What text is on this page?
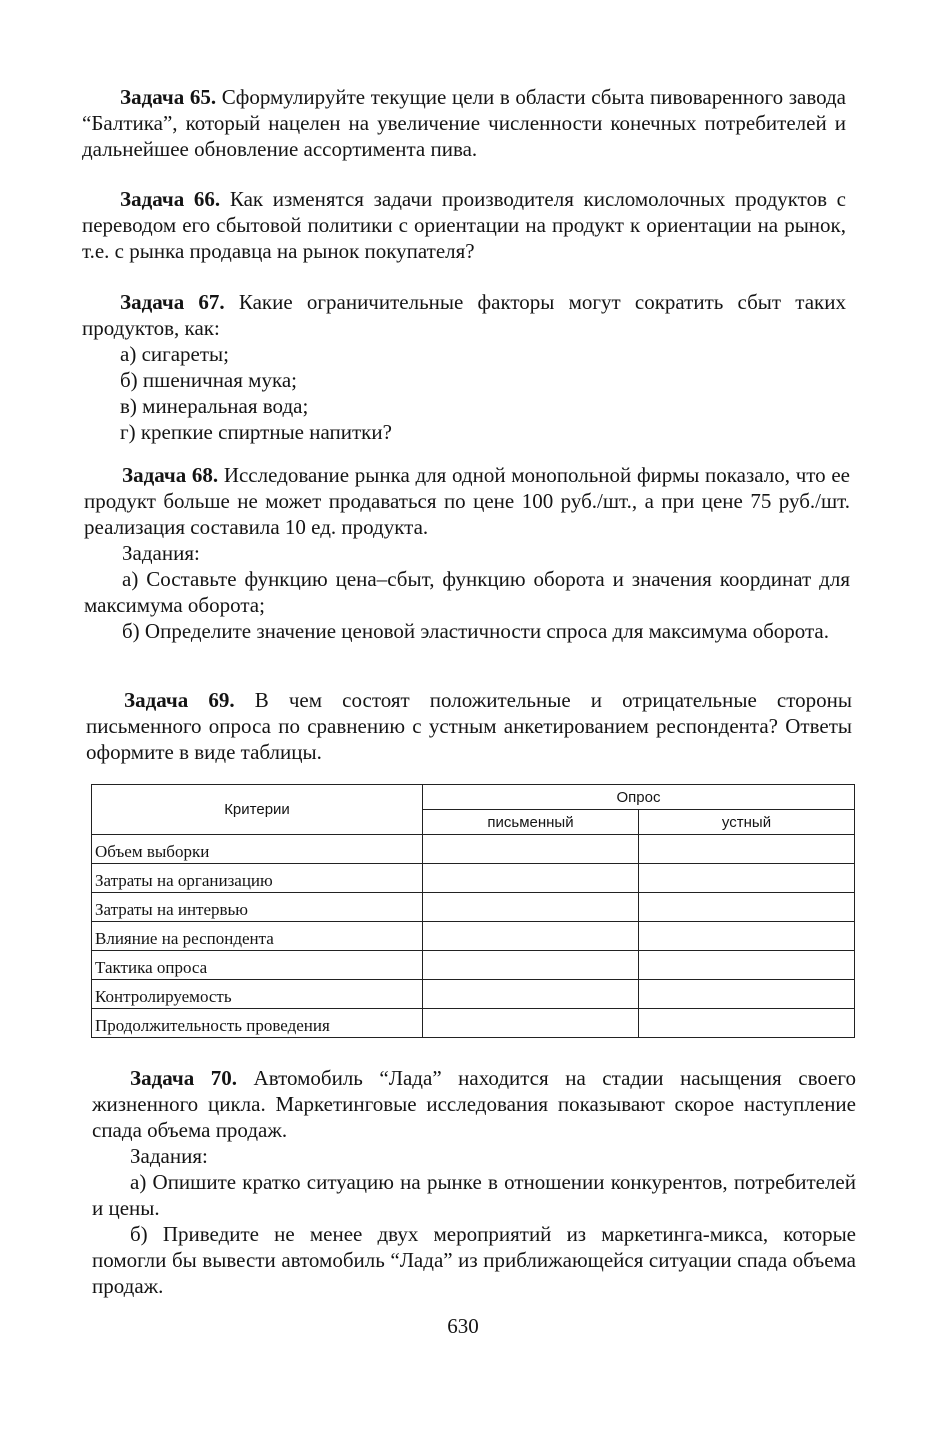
Задача 65. Сформулируйте текущие цели в области сбыта пивоваренного завода “Балтика”, который нацелен на увеличение численности конечных потребителей и дальнейшее обновление ассортимента пива.

Задача 66. Как изменятся задачи производителя кисломолочных продуктов с переводом его сбытовой политики с ориентации на продукт к ориентации на рынок, т.е. с рынка продавца на рынок покупателя?

Задача 67. Какие ограничительные факторы могут сократить сбыт таких продуктов, как:

а) сигареты;

б) пшеничная мука;

в) минеральная вода;

г) крепкие спиртные напитки?

Задача 68. Исследование рынка для одной монопольной фирмы показало, что ее продукт больше не может продаваться по цене 100 руб./шт., а при цене 75 руб./шт. реализация составила 10 ед. продукта.

Задания:

а) Составьте функцию цена–сбыт, функцию оборота и значения координат для максимума оборота;

б) Определите значение ценовой эластичности спроса для максимума оборота.

Задача 69. В чем состоят положительные и отрицательные стороны письменного опроса по сравнению с устным анкетированием респондента? Ответы оформите в виде таблицы.

Критерии	Опрос	
	письменный	устный
Объем выборки		
Затраты на организацию		
Затраты на интервью		
Влияние на респондента		
Тактика опроса		
Контролируемость		
Продолжительность проведения		

Задача 70. Автомобиль “Лада” находится на стадии насыщения своего жизненного цикла. Маркетинговые исследования показывают скорое наступление спада объема продаж.

Задания:

а) Опишите кратко ситуацию на рынке в отношении конкурентов, потребителей и цены.

б) Приведите не менее двух мероприятий из маркетинга-микса, которые помогли бы вывести автомобиль “Лада” из приближающейся ситуации спада объема продаж.

630
